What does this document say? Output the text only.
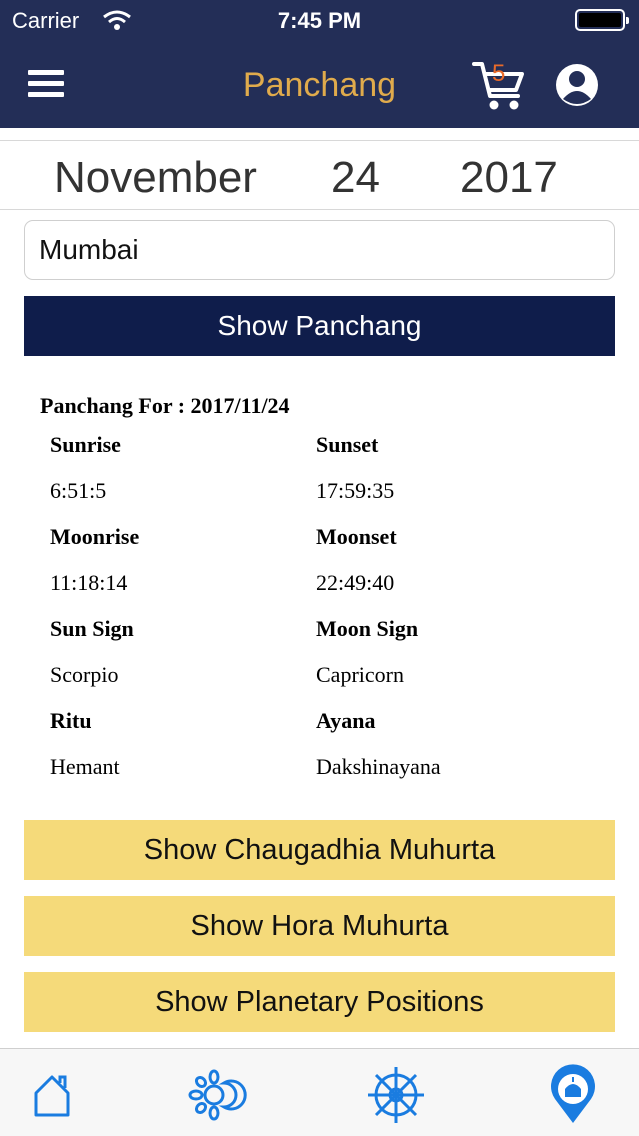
Carrier	7:45 PM
Panchang	5
November 24 2017
Mumbai
Show Panchang
Panchang For : 2017/11/24
Sunrise
6:51:5
Sunset
17:59:35
Moonrise
11:18:14
Moonset
22:49:40
Sun Sign
Scorpio
Moon Sign
Capricorn
Ritu
Hemant
Ayana
Dakshinayana
Show Chaugadhia Muhurta
Show Hora Muhurta
Show Planetary Positions
